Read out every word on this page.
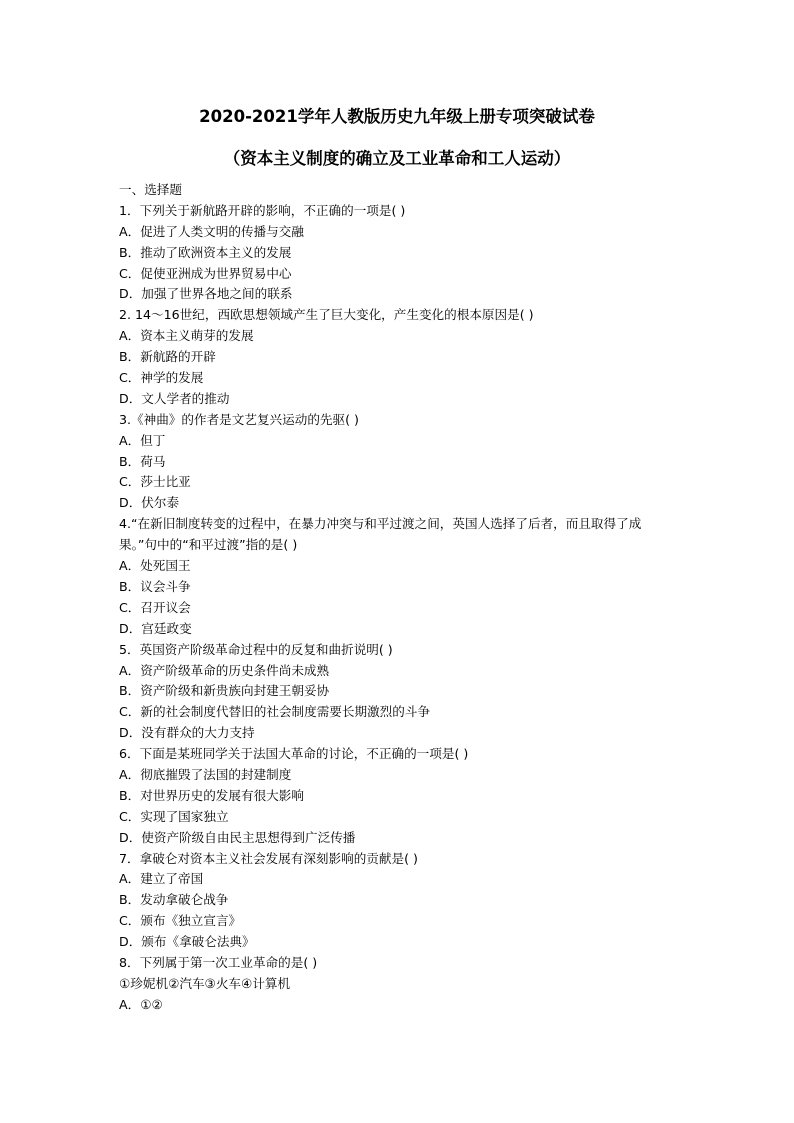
2020-2021学年人教版历史九年级上册专项突破试卷
（资本主义制度的确立及工业革命和工人运动）

一、选择题

1．下列关于新航路开辟的影响，不正确的一项是( )

A．促进了人类文明的传播与交融

B．推动了欧洲资本主义的发展

C．促使亚洲成为世界贸易中心

D．加强了世界各地之间的联系

2. 14～16世纪，西欧思想领域产生了巨大变化，产生变化的根本原因是( )

A．资本主义萌芽的发展

B．新航路的开辟

C．神学的发展

D．文人学者的推动

3.《神曲》的作者是文艺复兴运动的先驱( )

A．但丁

B．荷马

C．莎士比亚

D．伏尔泰

4.“在新旧制度转变的过程中，在暴力冲突与和平过渡之间，英国人选择了后者，而且取得了成果。”句中的“和平过渡”指的是( )

A．处死国王

B．议会斗争

C．召开议会

D．宫廷政变

5．英国资产阶级革命过程中的反复和曲折说明( )

A．资产阶级革命的历史条件尚未成熟

B．资产阶级和新贵族向封建王朝妥协

C．新的社会制度代替旧的社会制度需要长期激烈的斗争

D．没有群众的大力支持

6．下面是某班同学关于法国大革命的讨论，不正确的一项是( )

A．彻底摧毁了法国的封建制度

B．对世界历史的发展有很大影响

C．实现了国家独立

D．使资产阶级自由民主思想得到广泛传播

7．拿破仑对资本主义社会发展有深刻影响的贡献是( )

A．建立了帝国

B．发动拿破仑战争

C．颁布《独立宣言》

D．颁布《拿破仑法典》

8．下列属于第一次工业革命的是( )

①珍妮机②汽车③火车④计算机

A．①②
